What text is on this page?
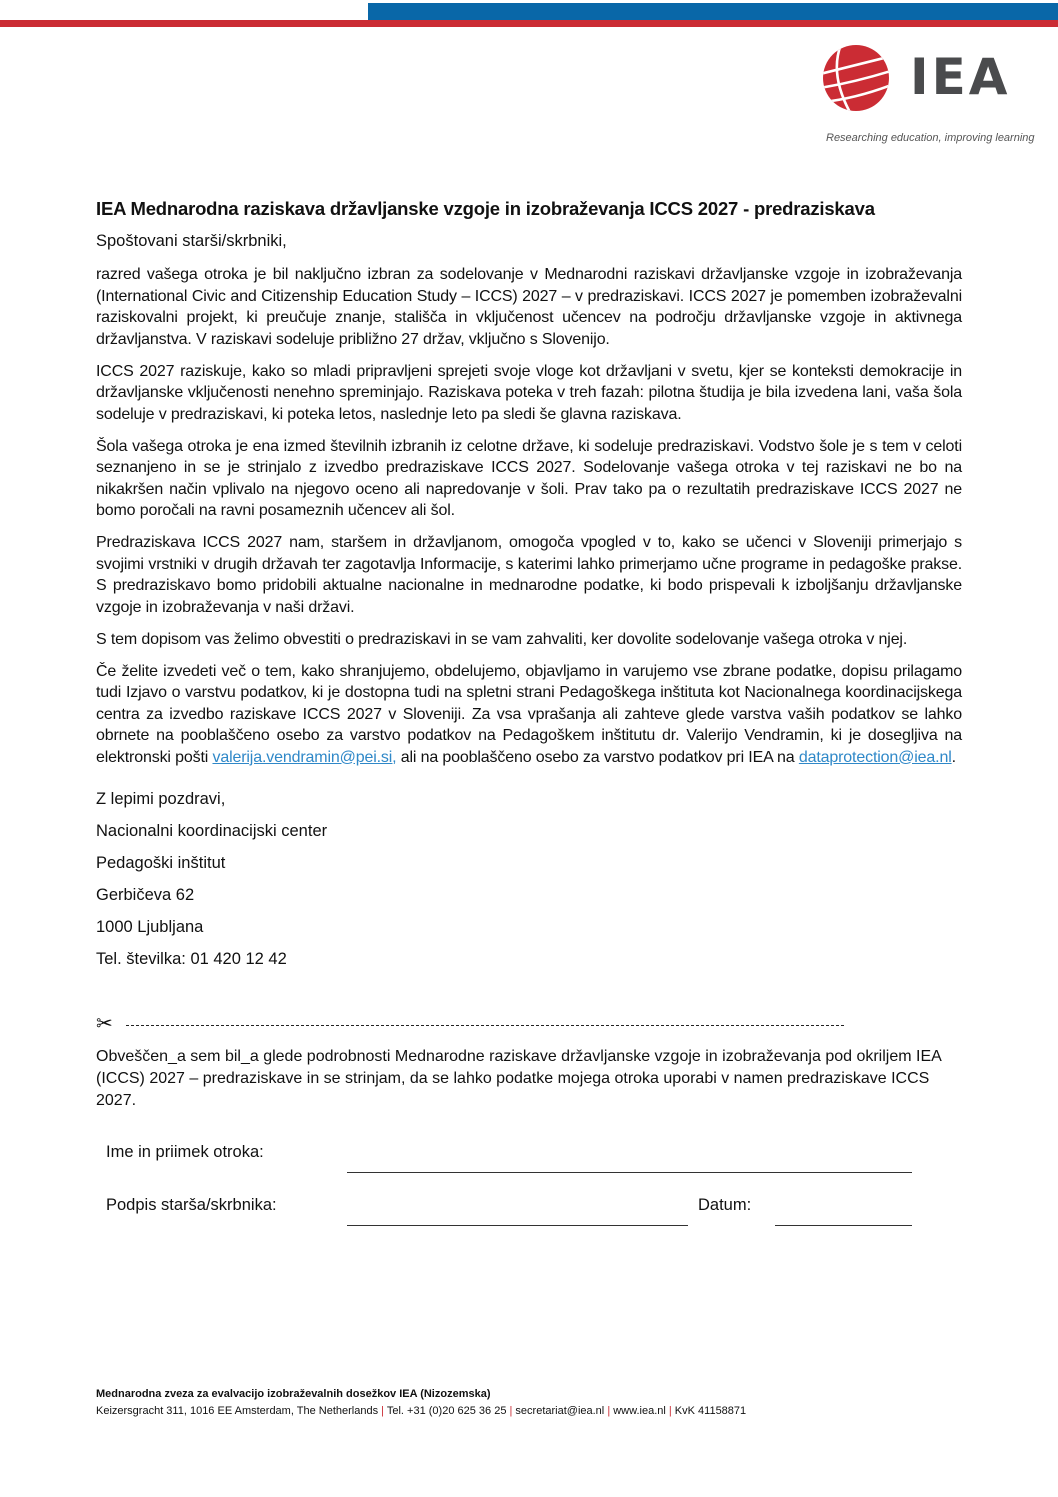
IEA
Researching education, improving learning
IEA Mednarodna raziskava državljanske vzgoje in izobraževanja ICCS 2027 - predraziskava

Spoštovani starši/skrbniki,

razred vašega otroka je bil naključno izbran za sodelovanje v Mednarodni raziskavi državljanske vzgoje in izobraževanja (International Civic and Citizenship Education Study – ICCS) 2027 – v predraziskavi. ICCS 2027 je pomemben izobraževalni raziskovalni projekt, ki preučuje znanje, stališča in vključenost učencev na področju državljanske vzgoje in aktivnega državljanstva. V raziskavi sodeluje približno 27 držav, vključno s Slovenijo.

ICCS 2027 raziskuje, kako so mladi pripravljeni sprejeti svoje vloge kot državljani v svetu, kjer se konteksti demokracije in državljanske vključenosti nenehno spreminjajo. Raziskava poteka v treh fazah: pilotna študija je bila izvedena lani, vaša šola sodeluje v predraziskavi, ki poteka letos, naslednje leto pa sledi še glavna raziskava.

Šola vašega otroka je ena izmed številnih izbranih iz celotne države, ki sodeluje predraziskavi. Vodstvo šole je s tem v celoti seznanjeno in se je strinjalo z izvedbo predraziskave ICCS 2027. Sodelovanje vašega otroka v tej raziskavi ne bo na nikakršen način vplivalo na njegovo oceno ali napredovanje v šoli. Prav tako pa o rezultatih predraziskave ICCS 2027 ne bomo poročali na ravni posameznih učencev ali šol.

Predraziskava ICCS 2027 nam, staršem in državljanom, omogoča vpogled v to, kako se učenci v Sloveniji primerjajo s svojimi vrstniki v drugih državah ter zagotavlja Informacije, s katerimi lahko primerjamo učne programe in pedagoške prakse. S predraziskavo bomo pridobili aktualne nacionalne in mednarodne podatke, ki bodo prispevali k izboljšanju državljanske vzgoje in izobraževanja v naši državi.

S tem dopisom vas želimo obvestiti o predraziskavi in se vam zahvaliti, ker dovolite sodelovanje vašega otroka v njej.

Če želite izvedeti več o tem, kako shranjujemo, obdelujemo, objavljamo in varujemo vse zbrane podatke, dopisu prilagamo tudi Izjavo o varstvu podatkov, ki je dostopna tudi na spletni strani Pedagoškega inštituta kot Nacionalnega koordinacijskega centra za izvedbo raziskave ICCS 2027 v Sloveniji. Za vsa vprašanja ali zahteve glede varstva vaših podatkov se lahko obrnete na pooblaščeno osebo za varstvo podatkov na Pedagoškem inštitutu dr. Valerijo Vendramin, ki je dosegljiva na elektronski pošti valerija.vendramin@pei.si, ali na pooblaščeno osebo za varstvo podatkov pri IEA na dataprotection@iea.nl.

Z lepimi pozdravi,

Nacionalni koordinacijski center

Pedagoški inštitut

Gerbičeva 62

1000 Ljubljana

Tel. številka: 01 420 12 42

✂
Obveščen_a sem bil_a glede podrobnosti Mednarodne raziskave državljanske vzgoje in izobraževanja pod okriljem IEA (ICCS) 2027 – predraziskave in se strinjam, da se lahko podatke mojega otroka uporabi v namen predraziskave ICCS 2027.
Ime in priimek otroka:
Podpis starša/skrbnika:	Datum:
Mednarodna zveza za evalvacijo izobraževalnih dosežkov IEA (Nizozemska)
Keizersgracht 311, 1016 EE Amsterdam, The Netherlands | Tel. +31 (0)20 625 36 25 | secretariat@iea.nl | www.iea.nl | KvK 41158871
